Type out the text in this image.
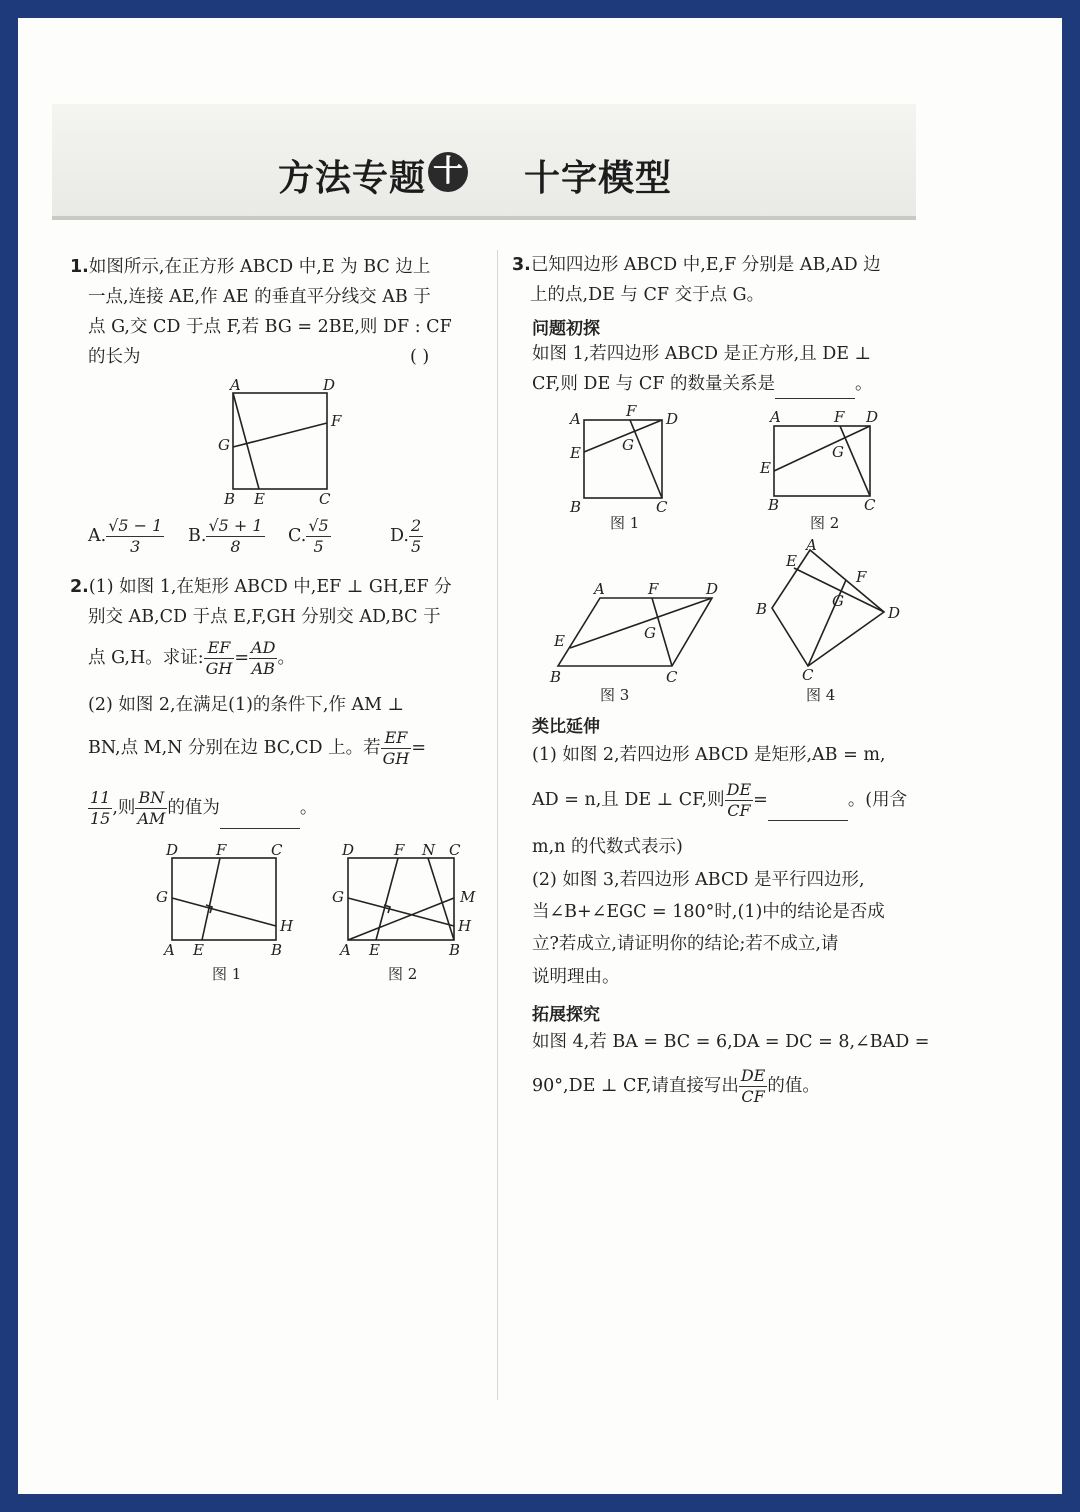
方法专题 十 十字模型
1.如图所示,在正方形 ABCD 中,E 为 BC 边上
一点,连接 AE,作 AE 的垂直平分线交 AB 于
点 G,交 CD 于点 F,若 BG = 2BE,则 DF : CF
的长为	( )
A	D
F
G
B E	C
A. $\frac{√5 - 1}{3} B$. $\frac{√5 + 1}{8} C$. $\frac{√5}{5}$	D. $\frac{2}{5}$
2.(1) 如图 1,在矩形 ABCD 中,EF ⊥ GH,EF 分
别交 AB,CD 于点 E,F,GH 分别交 AD,BC 于
点 G,H。求证: $\frac{EF}{GH} = \frac{AD}{AB}$ 。
(2) 如图 2,在满足(1)的条件下,作 AM ⊥
BN,点 M,N 分别在边 BC,CD 上。若 $\frac{EF}{GH}$ =
$\frac{11}{15}$ ,则 $\frac{BN}{AM}$ 的值为	。
D	F	C
G
H
A E	B
图 1
D	F N C
G	M
H
A E	B
图 2
3.已知四边形 ABCD 中,E,F 分别是 AB,AD 边
上的点,DE 与 CF 交于点 G。
问题初探
如图 1,若四边形 ABCD 是正方形,且 DE ⊥
CF,则 DE 与 CF 的数量关系是	。
A	F D
E	G
B	C
图 1
A	F D
E
G
B	C
图 2
A	F	D
E	G
B	C
图 3
A
E
F
G
D
B
C
图 4
类比延伸
(1) 如图 2,若四边形 ABCD 是矩形,AB = m,
AD = n,且 DE ⊥ CF,则 $\frac{DE}{CF}$ =	。(用含
m,n 的代数式表示)
(2) 如图 3,若四边形 ABCD 是平行四边形,
当∠B+∠EGC = 180°时,(1)中的结论是否成
立?若成立,请证明你的结论;若不成立,请
说明理由。
拓展探究
如图 4,若 BA = BC = 6,DA = DC = 8,∠BAD =
90°,DE ⊥ CF,请直接写出 $\frac{DE}{CF}$ 的值。
